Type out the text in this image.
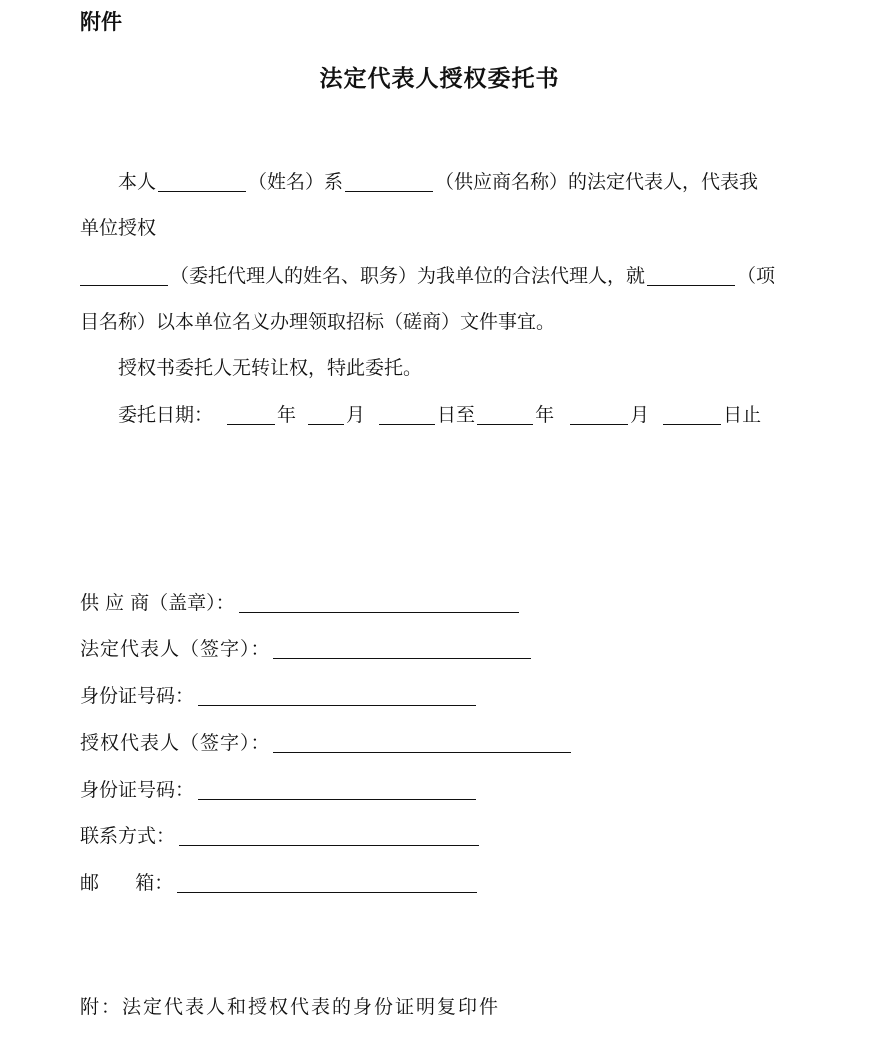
附件
法定代表人授权委托书
本人	（姓名）系	（供应商名称）的法定代表人，代表我
单位授权
（委托代理人的姓名、职务）为我单位的合法代理人，就	（项
目名称）以本单位名义办理领取招标（磋商）文件事宜。
授权书委托人无转让权，特此委托。
委托日期：	年	月	日至	年	月	日止
供 应 商（盖章）：
法定代表人（签字）：
身份证号码：
授权代表人（签字）：
身份证号码：
联系方式：
邮      箱：
附：法定代表人和授权代表的身份证明复印件
